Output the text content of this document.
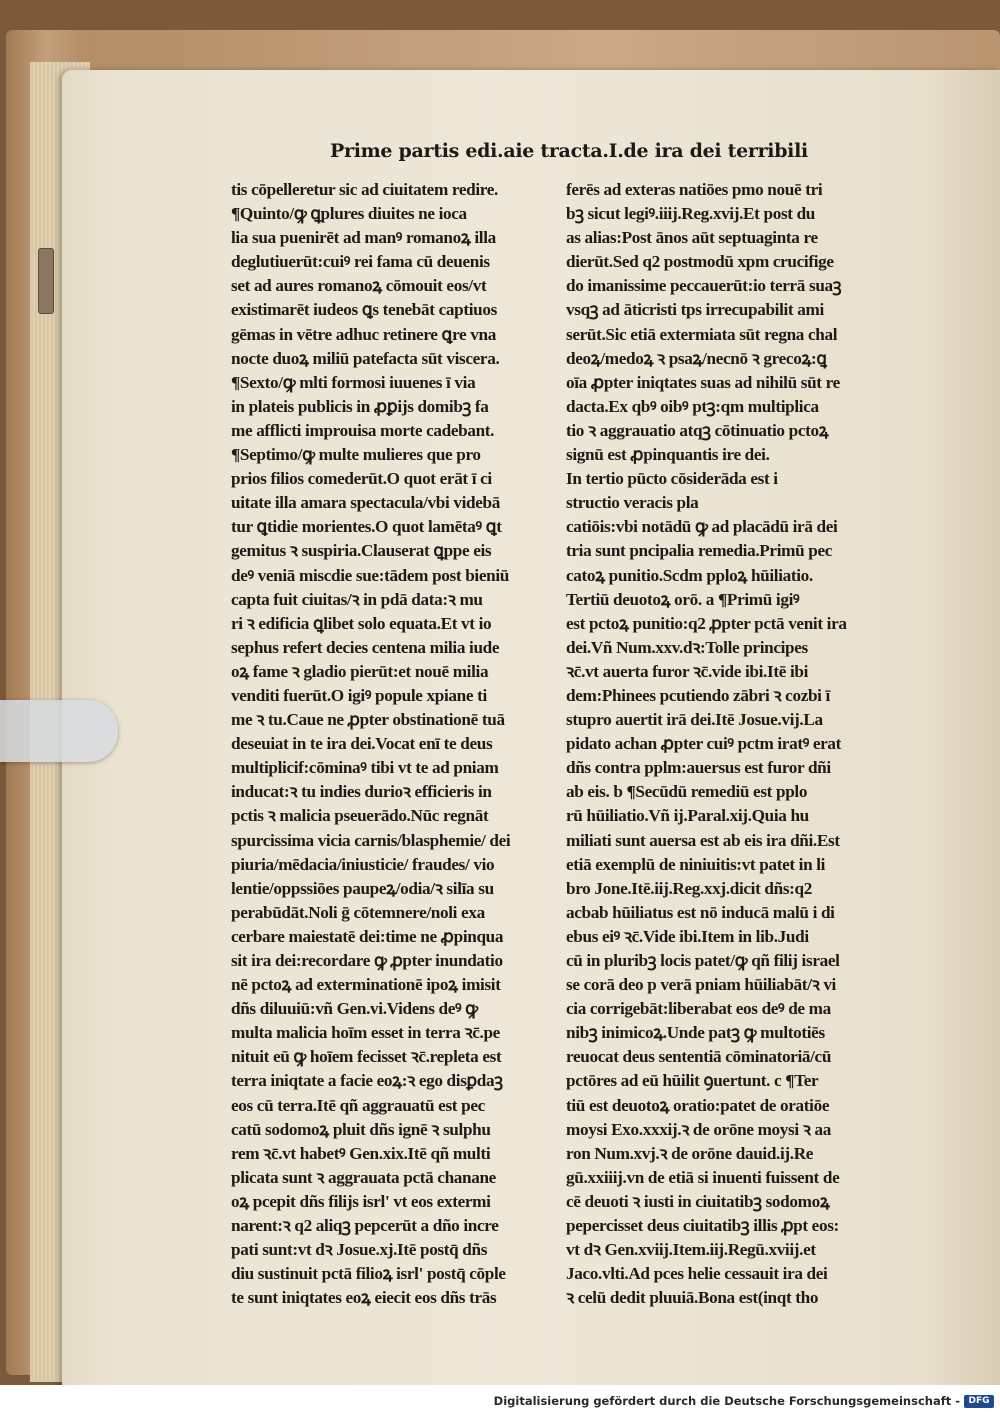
Prime partis edi.aie tracta.I.de ira dei terribili
tis cōpelleretur sic ad ciuitatem redire.
¶Quinto/ꝙ ꝗplures diuites ne ioca
lia sua puenirēt ad manꝰ romanoꝝ illa
deglutiuerūt:cuiꝰ rei fama cū deuenis
set ad aures romanoꝝ cōmouit eos/vt
existimarēt iudeos ꝗs tenebāt captiuos
gēmas in vētre adhuc retinere ꝗre vna
nocte duoꝝ miliū patefacta sūt viscera.
¶Sexto/ꝙ mlti formosi iuuenes ī via
in plateis publicis in ꝓꝑijs domibꝫ fa
me afflicti improuisa morte cadebant.
¶Septimo/ꝙ multe mulieres que pro
prios filios comederūt.O quot erāt ī ci
uitate illa amara spectacula/vbi videbā
tur ꝗtidie morientes.O quot lamētaꝰ ꝗt
gemitus ꝛ suspiria.Clauserat ꝗppe eis
deꝰ veniā miscdie sue:tādem post bieniū
capta fuit ciuitas/ꝛ in pdā data:ꝛ mu
ri ꝛ edificia ꝗlibet solo equata.Et vt io
sephus refert decies centena milia iude
oꝝ fame ꝛ gladio pierūt:et nouē milia
venditi fuerūt.O igiꝰ popule xpiane ti
me ꝛ tu.Caue ne ꝓpter obstinationē tuā
deseuiat in te ira dei.Vocat enī te deus
multiplicif:cōminaꝰ tibi vt te ad pniam
inducat:ꝛ tu indies durioꝛ efficieris in
pctis ꝛ malicia pseuerādo.Nūc regnāt
spurcissima vicia carnis/blasphemie/ dei
piuria/mēdacia/iniusticie/ fraudes/ vio
lentie/oppssiōes paupeꝝ/odia/ꝛ silīa su
perabūdāt.Noli ḡ cōtemnere/noli exa
cerbare maiestatē dei:time ne ꝓpinqua
sit ira dei:recordare ꝙ ꝓpter inundatio
nē pctoꝝ ad exterminationē ipoꝝ imisit
dñs diluuiū:vñ Gen.vi.Videns deꝰ ꝙ
multa malicia hoīm esset in terra ꝛc̄.pe
nituit eū ꝙ hoīem fecisset ꝛc̄.repleta est
terra iniqtate a facie eoꝝ:ꝛ ego disꝑdaꝫ
eos cū terra.Itē qñ aggrauatū est pec
catū sodomoꝝ pluit dñs ignē ꝛ sulphu
rem ꝛc̄.vt habetꝰ Gen.xix.Itē qñ multi
plicata sunt ꝛ aggrauata pctā chanane
oꝝ pcepit dñs filijs isrl' vt eos extermi
narent:ꝛ q2 aliqꝫ pepcerūt a dño incre
pati sunt:vt dꝛ Josue.xj.Itē postq̄ dñs
diu sustinuit pctā filioꝝ isrl' postq̄ cōple
te sunt iniqtates eoꝝ eiecit eos dñs trās
ferēs ad exteras natiōes pmo nouē tri
bꝫ sicut legiꝰ.iiij.Reg.xvij.Et post du
as alias:Post ānos aūt septuaginta re
dierūt.Sed q2 postmodū xpm crucifige
do imanissime peccauerūt:io terrā suaꝫ
vsqꝫ ad āticristi tps irrecupabilit ami
serūt.Sic etiā extermiata sūt regna chal
deoꝝ/medoꝝ ꝛ psaꝝ/necnō ꝛ grecoꝝ:ꝗ
oīa ꝓpter iniqtates suas ad nihilū sūt re
dacta.Ex qbꝰ oibꝰ ptꝫ:qm multiplica
tio ꝛ aggrauatio atqꝫ cōtinuatio pctoꝝ
signū est ꝓpinquantis ire dei.
In tertio pūcto cōsiderāda est i
structio veracis pla
catiōis:vbi notādū ꝙ ad placādū irā dei
tria sunt pncipalia remedia.Primū pec
catoꝝ punitio.Scdm pploꝝ hūiliatio.
Tertiū deuotoꝝ orō. a ¶Primū igiꝰ
est pctoꝝ punitio:q2 ꝓpter pctā venit ira
dei.Vñ Num.xxv.dꝛ:Tolle principes
ꝛc̄.vt auerta furor ꝛc̄.vide ibi.Itē ibi
dem:Phinees pcutiendo zābri ꝛ cozbi ī
stupro auertit irā dei.Itē Josue.vij.La
pidato achan ꝓpter cuiꝰ pctm iratꝰ erat
dñs contra pplm:auersus est furor dñi
ab eis. b ¶Secūdū remediū est pplo
rū hūiliatio.Vñ ij.Paral.xij.Quia hu
miliati sunt auersa est ab eis ira dñi.Est
etiā exemplū de niniuitis:vt patet in li
bro Jone.Itē.iij.Reg.xxj.dicit dñs:q2
acbab hūiliatus est nō inducā malū i di
ebus eiꝰ ꝛc̄.Vide ibi.Item in lib.Judi
cū in pluribꝫ locis patet/ꝙ qñ filij israel
se corā deo p verā pniam hūiliabāt/ꝛ vi
cia corrigebāt:liberabat eos deꝰ de ma
nibꝫ inimicoꝝ.Unde patꝫ ꝙ multotiēs
reuocat deus sententiā cōminatoriā/cū
pctōres ad eū hūilit ꝯuertunt. c ¶Ter
tiū est deuotoꝝ oratio:patet de oratiōe
moysi Exo.xxxij.ꝛ de orōne moysi ꝛ aa
ron Num.xvj.ꝛ de orōne dauid.ij.Re
gū.xxiiij.vn de etiā si inuenti fuissent de
cē deuoti ꝛ iusti in ciuitatibꝫ sodomoꝝ
pepercisset deus ciuitatibꝫ illis ꝓpt eos:
vt dꝛ Gen.xviij.Item.iij.Regū.xviij.et
Jaco.vlti.Ad pces helie cessauit ira dei
ꝛ celū dedit pluuiā.Bona est(inqt tho
Digitalisierung gefördert durch die Deutsche Forschungsgemeinschaft - DFG
